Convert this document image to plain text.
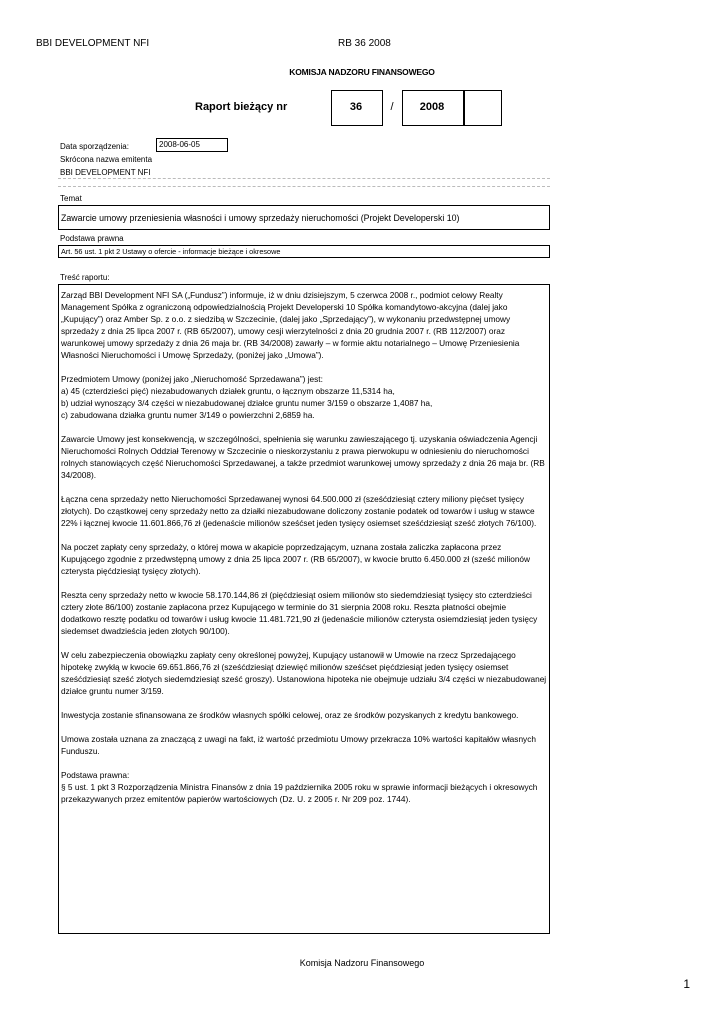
BBI DEVELOPMENT NFI	RB 36 2008
KOMISJA NADZORU FINANSOWEGO
Raport bieżący nr	36	/	2008
Data sporządzenia:	2008-06-05
Skrócona nazwa emitenta
BBI DEVELOPMENT NFI
Temat
Zawarcie umowy przeniesienia własności i umowy sprzedaży nieruchomości (Projekt Developerski 10)
Podstawa prawna
Art. 56 ust. 1 pkt 2 Ustawy o ofercie - informacje bieżące i okresowe
Treść raportu:

Zarząd BBI Development NFI SA („Fundusz”) informuje, iż w dniu dzisiejszym, 5 czerwca 2008 r., podmiot celowy Realty Management Spółka z ograniczoną odpowiedzialnością Projekt Developerski 10 Spółka komandytowo-akcyjna (dalej jako „Kupujący”) oraz Amber Sp. z o.o. z siedzibą w Szczecinie, (dalej jako „Sprzedający”), w wykonaniu przedwstępnej umowy sprzedaży z dnia 25 lipca 2007 r. (RB 65/2007), umowy cesji wierzytelności z dnia 20 grudnia 2007 r. (RB 112/2007) oraz warunkowej umowy sprzedaży z dnia 26 maja br. (RB 34/2008) zawarły – w formie aktu notarialnego – Umowę Przeniesienia Własności Nieruchomości i Umowę Sprzedaży, (poniżej jako „Umowa”).

Przedmiotem Umowy (poniżej jako „Nieruchomość Sprzedawana”) jest:
a) 45 (czterdzieści pięć) niezabudowanych działek gruntu, o łącznym obszarze 11,5314 ha,
b) udział wynoszący 3/4 części w niezabudowanej działce gruntu numer 3/159 o obszarze 1,4087 ha,
c) zabudowana działka gruntu numer 3/149 o powierzchni 2,6859 ha.

Zawarcie Umowy jest konsekwencją, w szczególności, spełnienia się warunku zawieszającego tj. uzyskania oświadczenia Agencji Nieruchomości Rolnych Oddział Terenowy w Szczecinie o nieskorzystaniu z prawa pierwokupu w odniesieniu do nieruchomości rolnych stanowiących część Nieruchomości Sprzedawanej, a także przedmiot warunkowej umowy sprzedaży z dnia 26 maja br. (RB 34/2008).

Łączna cena sprzedaży netto Nieruchomości Sprzedawanej wynosi 64.500.000 zł (sześćdziesiąt cztery miliony pięćset tysięcy złotych). Do cząstkowej ceny sprzedaży netto za działki niezabudowane doliczony zostanie podatek od towarów i usług w stawce 22% i łącznej kwocie 11.601.866,76 zł (jedenaście milionów sześćset jeden tysięcy osiemset sześćdziesiąt sześć złotych 76/100).

Na poczet zapłaty ceny sprzedaży, o której mowa w akapicie poprzedzającym, uznana została zaliczka zapłacona przez Kupującego zgodnie z przedwstępną umowy z dnia 25 lipca 2007 r. (RB 65/2007), w kwocie brutto 6.450.000 zł (sześć milionów czterysta pięćdziesiąt tysięcy złotych).

Reszta ceny sprzedaży netto w kwocie 58.170.144,86 zł (pięćdziesiąt osiem milionów sto siedemdziesiąt tysięcy sto czterdzieści cztery złote 86/100) zostanie zapłacona przez Kupującego w terminie do 31 sierpnia 2008 roku. Reszta płatności obejmie dodatkowo resztę podatku od towarów i usług kwocie 11.481.721,90 zł (jedenaście milionów czterysta osiemdziesiąt jeden tysięcy siedemset dwadzieścia jeden złotych 90/100).

W celu zabezpieczenia obowiązku zapłaty ceny określonej powyżej, Kupujący ustanowił w Umowie na rzecz Sprzedającego hipotekę zwykłą w kwocie 69.651.866,76 zł (sześćdziesiąt dziewięć milionów sześćset pięćdziesiąt jeden tysięcy osiemset sześćdziesiąt sześć złotych siedemdziesiąt sześć groszy). Ustanowiona hipoteka nie obejmuje udziału 3/4 części w niezabudowanej działce gruntu numer 3/159.

Inwestycja zostanie sfinansowana ze środków własnych spółki celowej, oraz ze środków pozyskanych z kredytu bankowego.

Umowa została uznana za znaczącą z uwagi na fakt, iż wartość przedmiotu Umowy przekracza 10% wartości kapitałów własnych Funduszu.

Podstawa prawna:
§ 5 ust. 1 pkt 3 Rozporządzenia Ministra Finansów z dnia 19 października 2005 roku w sprawie informacji bieżących i okresowych przekazywanych przez emitentów papierów wartościowych (Dz. U. z 2005 r. Nr 209 poz. 1744).

Komisja Nadzoru Finansowego
1
